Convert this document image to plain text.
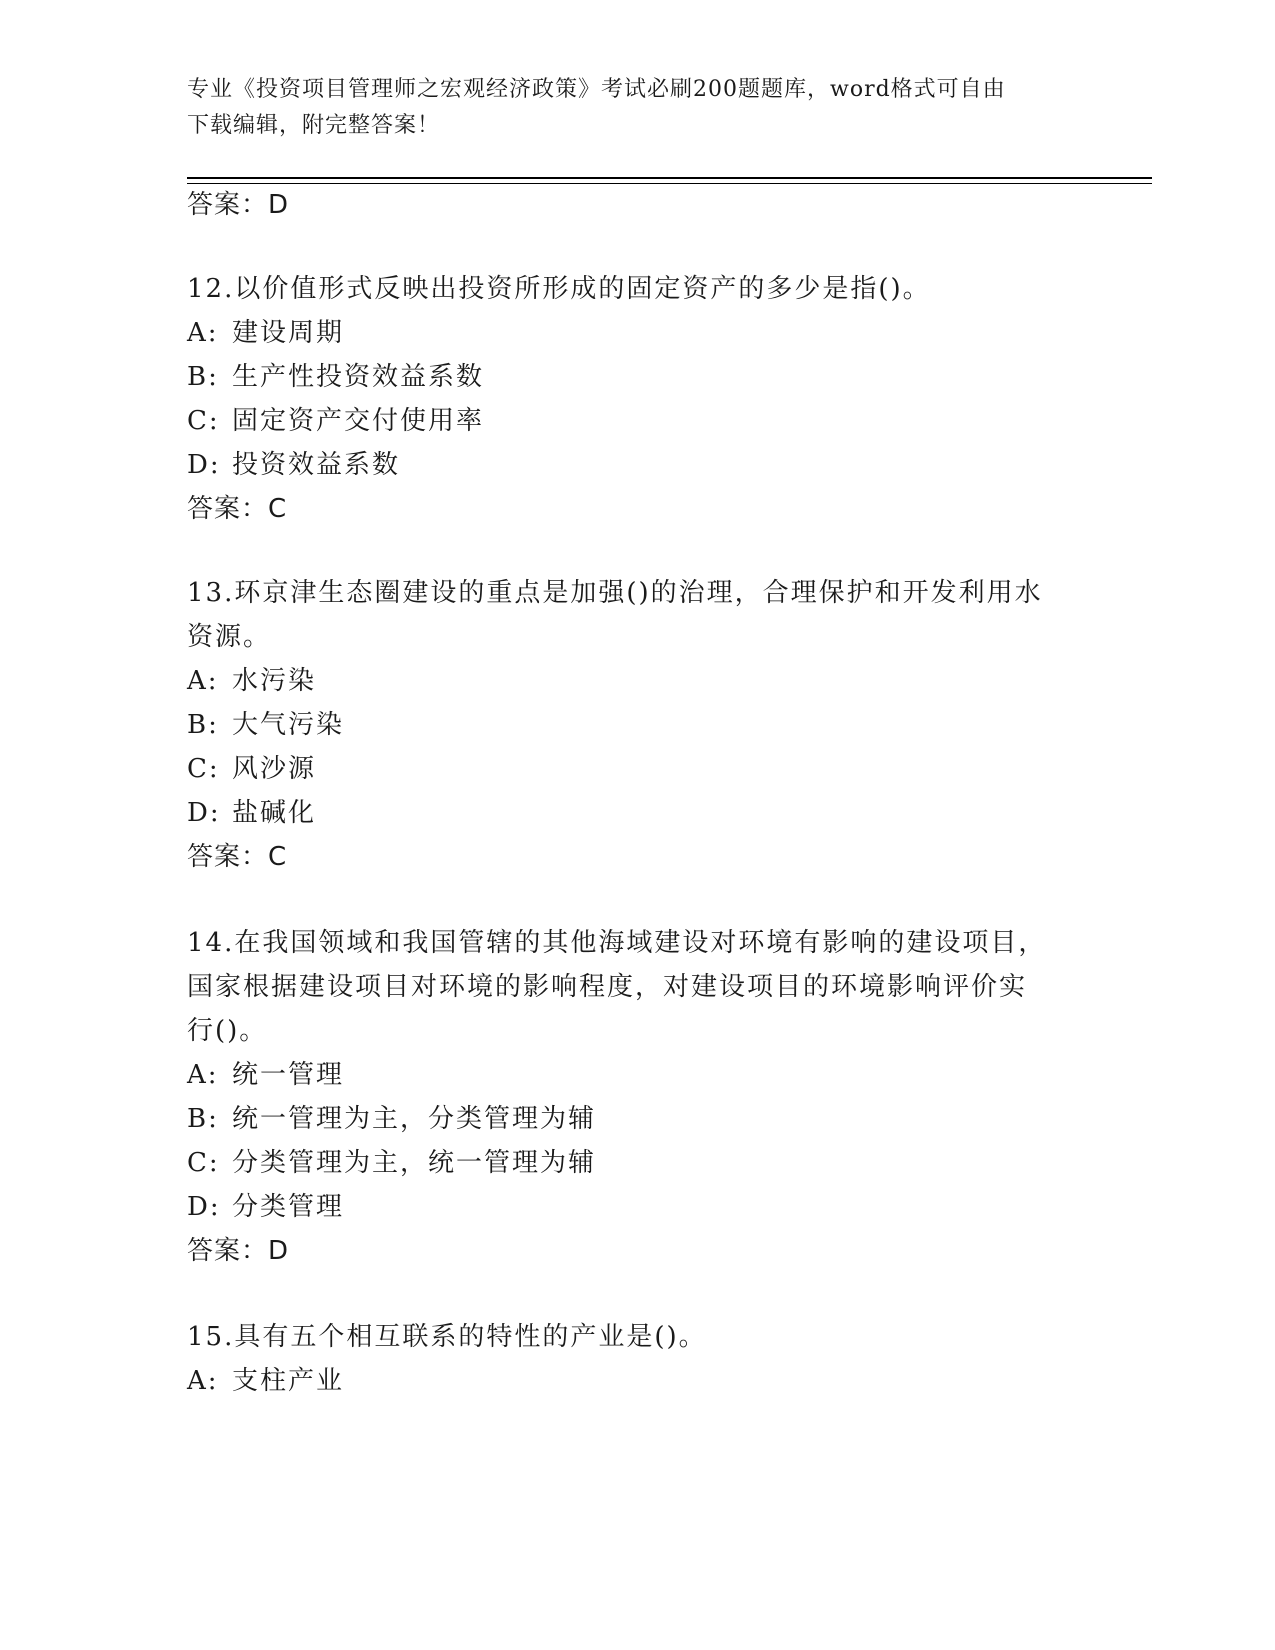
专业《投资项目管理师之宏观经济政策》考试必刷200题题库，word格式可自由
下载编辑，附完整答案！
答案：D
12.以价值形式反映出投资所形成的固定资产的多少是指()。
A: 建设周期
B: 生产性投资效益系数
C: 固定资产交付使用率
D: 投资效益系数
答案：C
13.环京津生态圈建设的重点是加强()的治理，合理保护和开发利用水
资源。
A: 水污染
B: 大气污染
C: 风沙源
D: 盐碱化
答案：C
14.在我国领域和我国管辖的其他海域建设对环境有影响的建设项目，
国家根据建设项目对环境的影响程度，对建设项目的环境影响评价实
行()。
A: 统一管理
B: 统一管理为主，分类管理为辅
C: 分类管理为主，统一管理为辅
D: 分类管理
答案：D
15.具有五个相互联系的特性的产业是()。
A: 支柱产业
